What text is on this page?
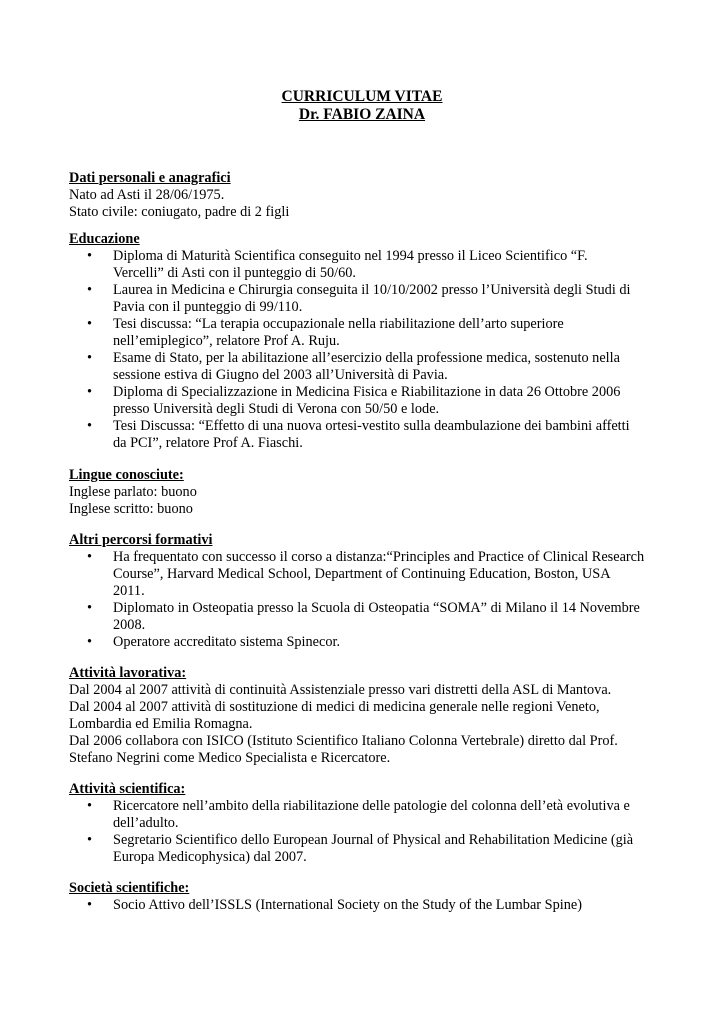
CURRICULUM VITAE
Dr. FABIO ZAINA
Dati personali e anagrafici
Nato ad Asti il 28/06/1975.
Stato civile: coniugato, padre di 2 figli
Educazione
• Diploma di Maturità Scientifica conseguito nel 1994 presso il Liceo Scientifico “F.
Vercelli” di Asti con il punteggio di 50/60.
• Laurea in Medicina e Chirurgia conseguita il 10/10/2002 presso l’Università degli Studi di
Pavia con il punteggio di 99/110.
• Tesi discussa: “La terapia occupazionale nella riabilitazione dell’arto superiore
nell’emiplegico”, relatore Prof A. Ruju.
• Esame di Stato, per la abilitazione all’esercizio della professione medica, sostenuto nella
sessione estiva di Giugno del 2003 all’Università di Pavia.
• Diploma di Specializzazione in Medicina Fisica e Riabilitazione in data 26 Ottobre 2006
presso Università degli Studi di Verona con 50/50 e lode.
• Tesi Discussa: “Effetto di una nuova ortesi-vestito sulla deambulazione dei bambini affetti
da PCI”, relatore Prof A. Fiaschi.
Lingue conosciute:
Inglese parlato: buono
Inglese scritto: buono
Altri percorsi formativi
• Ha frequentato con successo il corso a distanza:“Principles and Practice of Clinical Research
Course”, Harvard Medical School, Department of Continuing Education, Boston, USA
2011.
• Diplomato in Osteopatia presso la Scuola di Osteopatia “SOMA” di Milano il 14 Novembre
2008.
• Operatore accreditato sistema Spinecor.
Attività lavorativa:
Dal 2004 al 2007 attività di continuità Assistenziale presso vari distretti della ASL di Mantova.
Dal 2004 al 2007 attività di sostituzione di medici di medicina generale nelle regioni Veneto,
Lombardia ed Emilia Romagna.
Dal 2006 collabora con ISICO (Istituto Scientifico Italiano Colonna Vertebrale) diretto dal Prof.
Stefano Negrini come Medico Specialista e Ricercatore.
Attività scientifica:
• Ricercatore nell’ambito della riabilitazione delle patologie del colonna dell’età evolutiva e
dell’adulto.
• Segretario Scientifico dello European Journal of Physical and Rehabilitation Medicine (già
Europa Medicophysica) dal 2007.
Società scientifiche:
• Socio Attivo dell’ISSLS (International Society on the Study of the Lumbar Spine)
